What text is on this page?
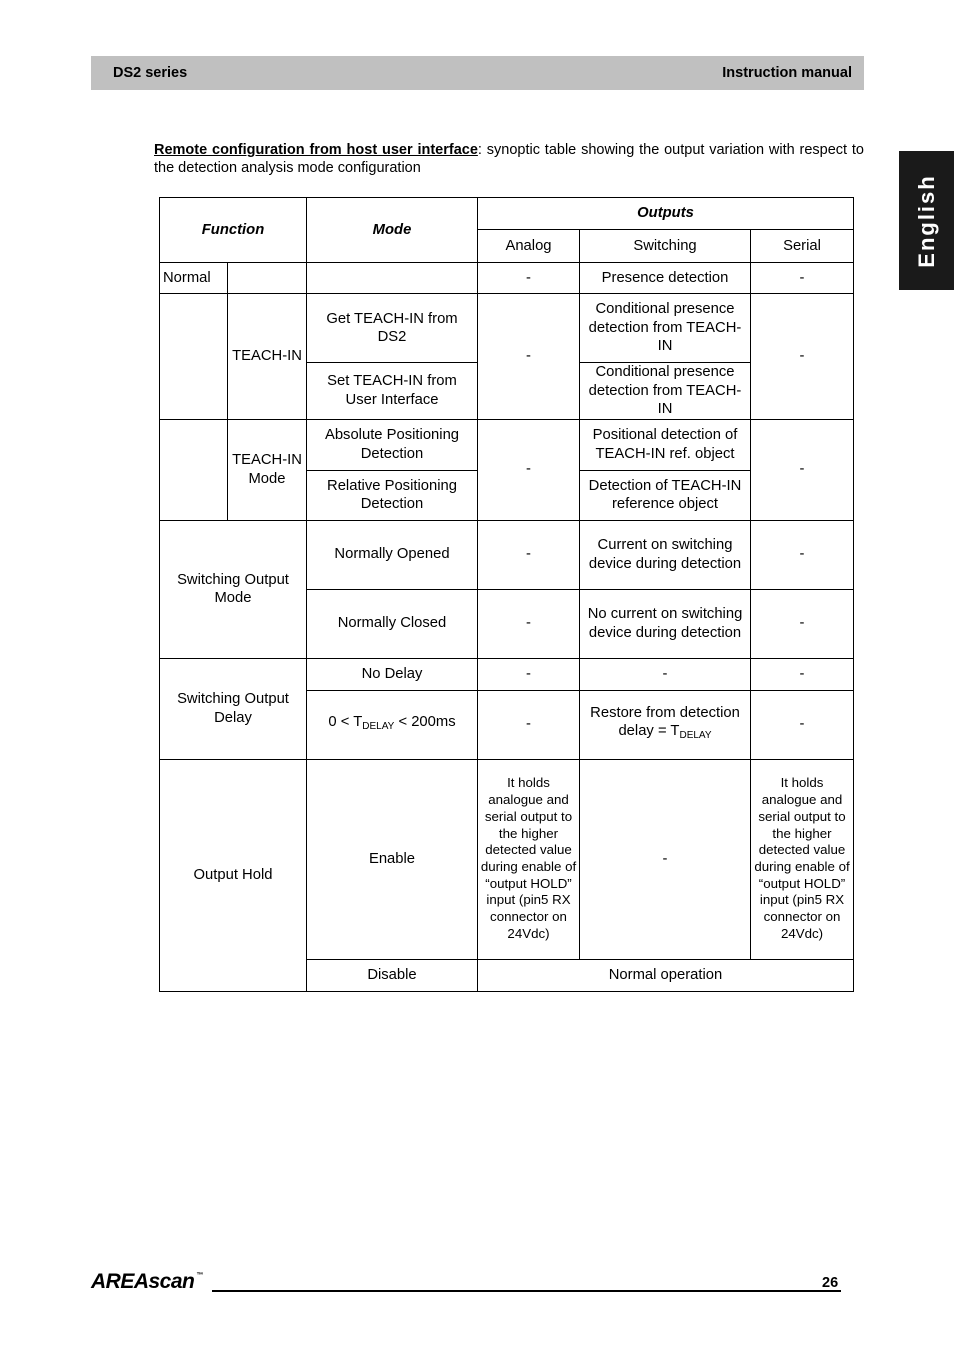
DS2 series	Instruction manual
English
Remote configuration from host user interface: synoptic table showing the output variation with respect to the detection analysis mode configuration
Function		Mode	Outputs		
			Analog	Switching	Serial
Normal			-	Presence detection	-
	TEACH-IN	Get TEACH-IN from DS2	-	Conditional presence detection from TEACH-IN	-
		Set TEACH-IN from User Interface		Conditional presence detection from TEACH-IN	
	TEACH-IN Mode	Absolute Positioning Detection	-	Positional detection of TEACH-IN ref. object	-
		Relative Positioning Detection		Detection of TEACH-IN reference object	
Switching Output Mode		Normally Opened	-	Current on switching device during detection	-
		Normally Closed	-	No current on switching device during detection	-
Switching Output Delay		No Delay	-	-	-
		$0 < T_{DELAY} < 200ms$	-	Restore from detection delay = $T_{DELAY}$	-
Output Hold		Enable	It holds analogue and serial output to the higher detected value during enable of “output HOLD” input (pin5 RX connector on 24Vdc)	-	It holds analogue and serial output to the higher detected value during enable of “output HOLD” input (pin5 RX connector on 24Vdc)
		Disable	Normal operation		
AREAscan ™	26
